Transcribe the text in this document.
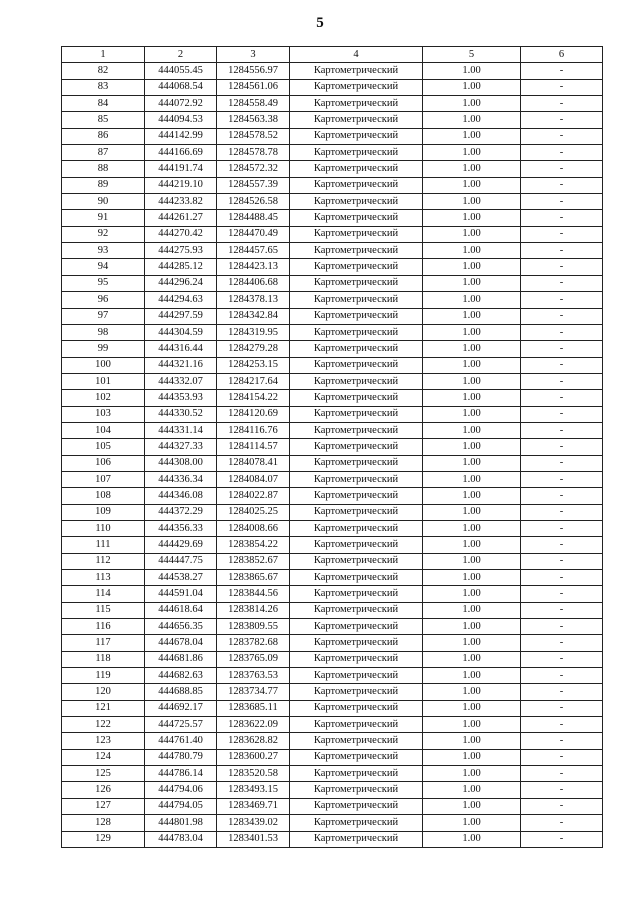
5
1	2	3	4	5	6
82	444055.45	1284556.97	Картометрический	1.00	-
83	444068.54	1284561.06	Картометрический	1.00	-
84	444072.92	1284558.49	Картометрический	1.00	-
85	444094.53	1284563.38	Картометрический	1.00	-
86	444142.99	1284578.52	Картометрический	1.00	-
87	444166.69	1284578.78	Картометрический	1.00	-
88	444191.74	1284572.32	Картометрический	1.00	-
89	444219.10	1284557.39	Картометрический	1.00	-
90	444233.82	1284526.58	Картометрический	1.00	-
91	444261.27	1284488.45	Картометрический	1.00	-
92	444270.42	1284470.49	Картометрический	1.00	-
93	444275.93	1284457.65	Картометрический	1.00	-
94	444285.12	1284423.13	Картометрический	1.00	-
95	444296.24	1284406.68	Картометрический	1.00	-
96	444294.63	1284378.13	Картометрический	1.00	-
97	444297.59	1284342.84	Картометрический	1.00	-
98	444304.59	1284319.95	Картометрический	1.00	-
99	444316.44	1284279.28	Картометрический	1.00	-
100	444321.16	1284253.15	Картометрический	1.00	-
101	444332.07	1284217.64	Картометрический	1.00	-
102	444353.93	1284154.22	Картометрический	1.00	-
103	444330.52	1284120.69	Картометрический	1.00	-
104	444331.14	1284116.76	Картометрический	1.00	-
105	444327.33	1284114.57	Картометрический	1.00	-
106	444308.00	1284078.41	Картометрический	1.00	-
107	444336.34	1284084.07	Картометрический	1.00	-
108	444346.08	1284022.87	Картометрический	1.00	-
109	444372.29	1284025.25	Картометрический	1.00	-
110	444356.33	1284008.66	Картометрический	1.00	-
111	444429.69	1283854.22	Картометрический	1.00	-
112	444447.75	1283852.67	Картометрический	1.00	-
113	444538.27	1283865.67	Картометрический	1.00	-
114	444591.04	1283844.56	Картометрический	1.00	-
115	444618.64	1283814.26	Картометрический	1.00	-
116	444656.35	1283809.55	Картометрический	1.00	-
117	444678.04	1283782.68	Картометрический	1.00	-
118	444681.86	1283765.09	Картометрический	1.00	-
119	444682.63	1283763.53	Картометрический	1.00	-
120	444688.85	1283734.77	Картометрический	1.00	-
121	444692.17	1283685.11	Картометрический	1.00	-
122	444725.57	1283622.09	Картометрический	1.00	-
123	444761.40	1283628.82	Картометрический	1.00	-
124	444780.79	1283600.27	Картометрический	1.00	-
125	444786.14	1283520.58	Картометрический	1.00	-
126	444794.06	1283493.15	Картометрический	1.00	-
127	444794.05	1283469.71	Картометрический	1.00	-
128	444801.98	1283439.02	Картометрический	1.00	-
129	444783.04	1283401.53	Картометрический	1.00	-
